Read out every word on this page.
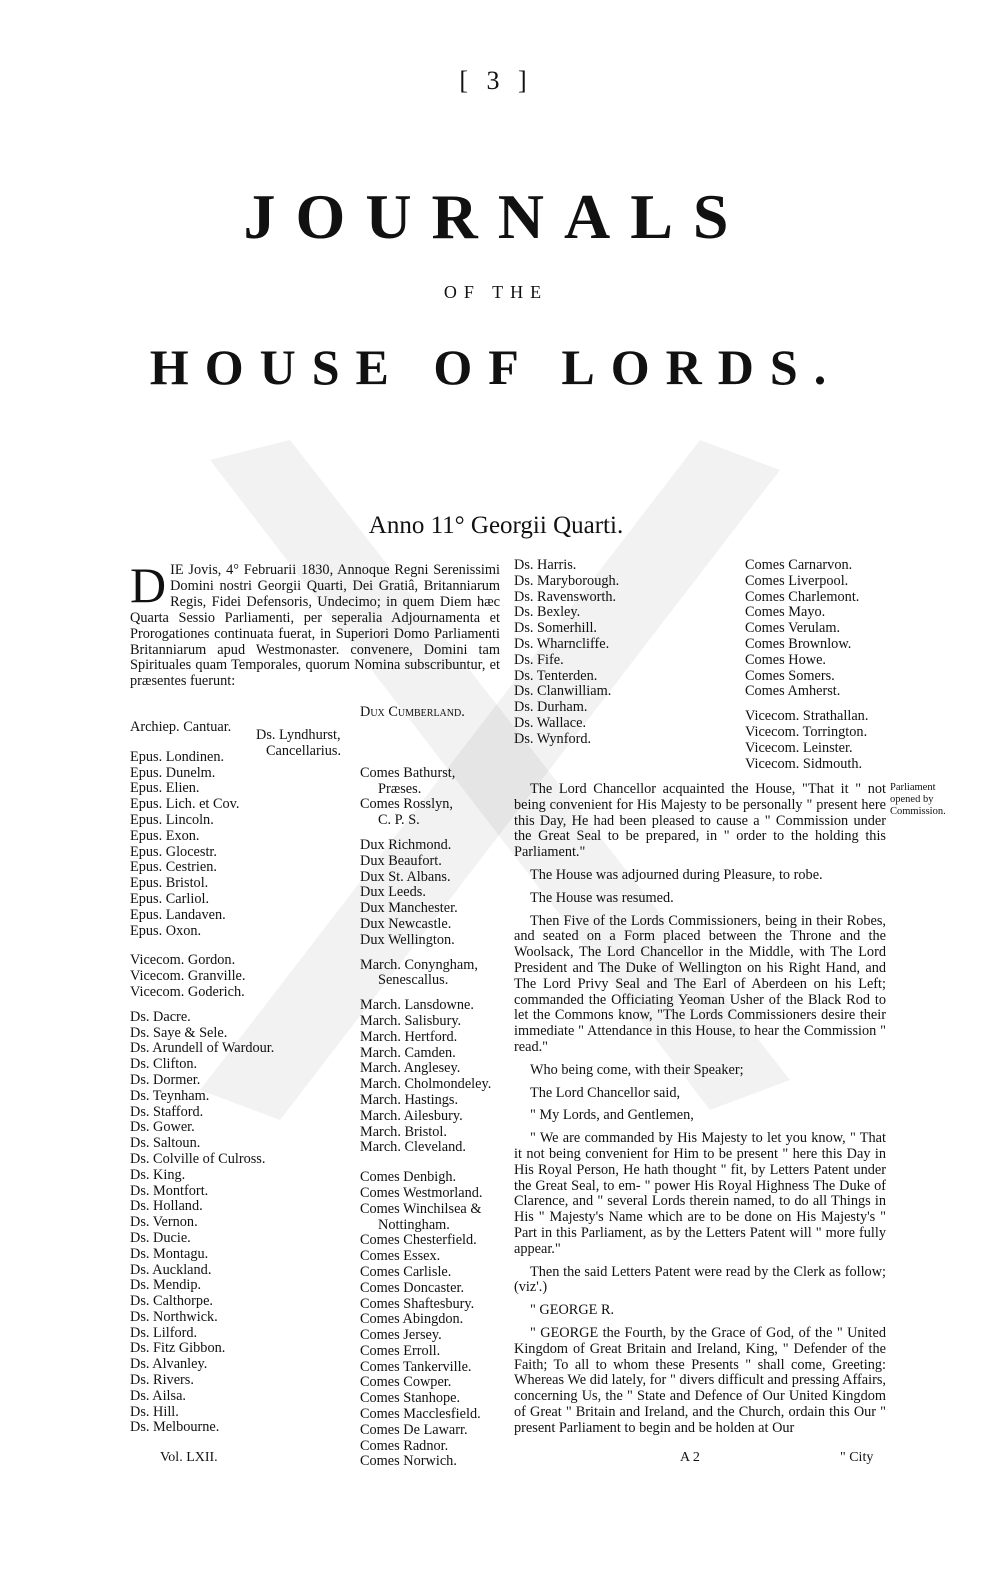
[ 3 ]
JOURNALS
OF THE
HOUSE OF LORDS.
Anno 11° Georgii Quarti.
DIE Jovis, 4° Februarii 1830, Annoque Regni Serenissimi Domini nostri Georgii Quarti, Dei Gratiâ, Britanniarum Regis, Fidei Defensoris, Undecimo; in quem Diem hæc Quarta Sessio Parliamenti, per seperalia Adjournamenta et Prorogationes continuata fuerat, in Superiori Domo Parliamenti Britanniarum apud Westmonaster. convenere, Domini tam Spirituales quam Temporales, quorum Nomina subscribuntur, et præsentes fuerunt:
Archiep. Cantuar.
Epus. Londinen.
Epus. Dunelm.
Epus. Elien.
Epus. Lich. et Cov.
Epus. Lincoln.
Epus. Exon.
Epus. Glocestr.
Epus. Cestrien.
Epus. Bristol.
Epus. Carliol.
Epus. Landaven.
Epus. Oxon.
Vicecom. Gordon.
Vicecom. Granville.
Vicecom. Goderich.
Ds. Dacre.
Ds. Saye & Sele.
Ds. Arundell of Wardour.
Ds. Clifton.
Ds. Dormer.
Ds. Teynham.
Ds. Stafford.
Ds. Gower.
Ds. Saltoun.
Ds. Colville of Culross.
Ds. King.
Ds. Montfort.
Ds. Holland.
Ds. Vernon.
Ds. Ducie.
Ds. Montagu.
Ds. Auckland.
Ds. Mendip.
Ds. Calthorpe.
Ds. Northwick.
Ds. Lilford.
Ds. Fitz Gibbon.
Ds. Alvanley.
Ds. Rivers.
Ds. Ailsa.
Ds. Hill.
Ds. Melbourne.
Ds. Lyndhurst,
Cancellarius.
Dux Cumberland.
Comes Bathurst,
Præses.
Comes Rosslyn,
C. P. S.
Dux Richmond.
Dux Beaufort.
Dux St. Albans.
Dux Leeds.
Dux Manchester.
Dux Newcastle.
Dux Wellington.
March. Conyngham,
Senescallus.
March. Lansdowne.
March. Salisbury.
March. Hertford.
March. Camden.
March. Anglesey.
March. Cholmondeley.
March. Hastings.
March. Ailesbury.
March. Bristol.
March. Cleveland.
Comes Denbigh.
Comes Westmorland.
Comes Winchilsea &
Nottingham.
Comes Chesterfield.
Comes Essex.
Comes Carlisle.
Comes Doncaster.
Comes Shaftesbury.
Comes Abingdon.
Comes Jersey.
Comes Erroll.
Comes Tankerville.
Comes Cowper.
Comes Stanhope.
Comes Macclesfield.
Comes De Lawarr.
Comes Radnor.
Comes Norwich.
Ds. Harris.
Ds. Maryborough.
Ds. Ravensworth.
Ds. Bexley.
Ds. Somerhill.
Ds. Wharncliffe.
Ds. Fife.
Ds. Tenterden.
Ds. Clanwilliam.
Ds. Durham.
Ds. Wallace.
Ds. Wynford.
Comes Carnarvon.
Comes Liverpool.
Comes Charlemont.
Comes Mayo.
Comes Verulam.
Comes Brownlow.
Comes Howe.
Comes Somers.
Comes Amherst.
Vicecom. Strathallan.
Vicecom. Torrington.
Vicecom. Leinster.
Vicecom. Sidmouth.

The Lord Chancellor acquainted the House, "That it " not being convenient for His Majesty to be personally " present here this Day, He had been pleased to cause a " Commission under the Great Seal to be prepared, in " order to the holding this Parliament."

The House was adjourned during Pleasure, to robe.

The House was resumed.

Then Five of the Lords Commissioners, being in their Robes, and seated on a Form placed between the Throne and the Woolsack, The Lord Chancellor in the Middle, with The Lord President and The Duke of Wellington on his Right Hand, and The Lord Privy Seal and The Earl of Aberdeen on his Left; commanded the Officiating Yeoman Usher of the Black Rod to let the Commons know, "The Lords Commissioners desire their immediate " Attendance in this House, to hear the Commission " read."

Who being come, with their Speaker;

The Lord Chancellor said,

" My Lords, and Gentlemen,

" We are commanded by His Majesty to let you know, " That it not being convenient for Him to be present " here this Day in His Royal Person, He hath thought " fit, by Letters Patent under the Great Seal, to em- " power His Royal Highness The Duke of Clarence, and " several Lords therein named, to do all Things in His " Majesty's Name which are to be done on His Majesty's " Part in this Parliament, as by the Letters Patent will " more fully appear."

Then the said Letters Patent were read by the Clerk as follow; (viz'.)

" GEORGE R.

" GEORGE the Fourth, by the Grace of God, of the " United Kingdom of Great Britain and Ireland, King, " Defender of the Faith; To all to whom these Presents " shall come, Greeting: Whereas We did lately, for " divers difficult and pressing Affairs, concerning Us, the " State and Defence of Our United Kingdom of Great " Britain and Ireland, and the Church, ordain this Our " present Parliament to begin and be holden at Our

Parliament opened by Commission.
Vol. LXII.	A 2	" City
